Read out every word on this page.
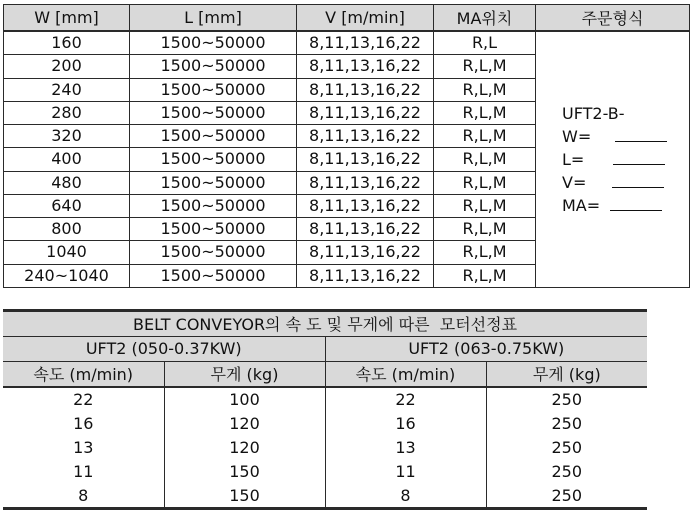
W [mm]	L [mm]	V [m/min]	MA위치	주문형식
160	1500~50000	8,11,13,16,22	R,L	UFT2-B-
W=
L=
V=
MA=

200	1500~50000	8,11,13,16,22	R,L,M	
240	1500~50000	8,11,13,16,22	R,L,M	
280	1500~50000	8,11,13,16,22	R,L,M	
320	1500~50000	8,11,13,16,22	R,L,M	
400	1500~50000	8,11,13,16,22	R,L,M	
480	1500~50000	8,11,13,16,22	R,L,M	
640	1500~50000	8,11,13,16,22	R,L,M	
800	1500~50000	8,11,13,16,22	R,L,M	
1040	1500~50000	8,11,13,16,22	R,L,M	
240~1040	1500~50000	8,11,13,16,22	R,L,M	
BELT CONVEYOR의 속 도 및 무게에 따른  모터선정표			
UFT2 (050-0.37KW)		UFT2 (063-0.75KW)	
속도 (m/min)	무게 (kg)	속도 (m/min)	무게 (kg)
22	100	22	250
16	120	16	250
13	120	13	250
11	150	11	250
8	150	8	250
